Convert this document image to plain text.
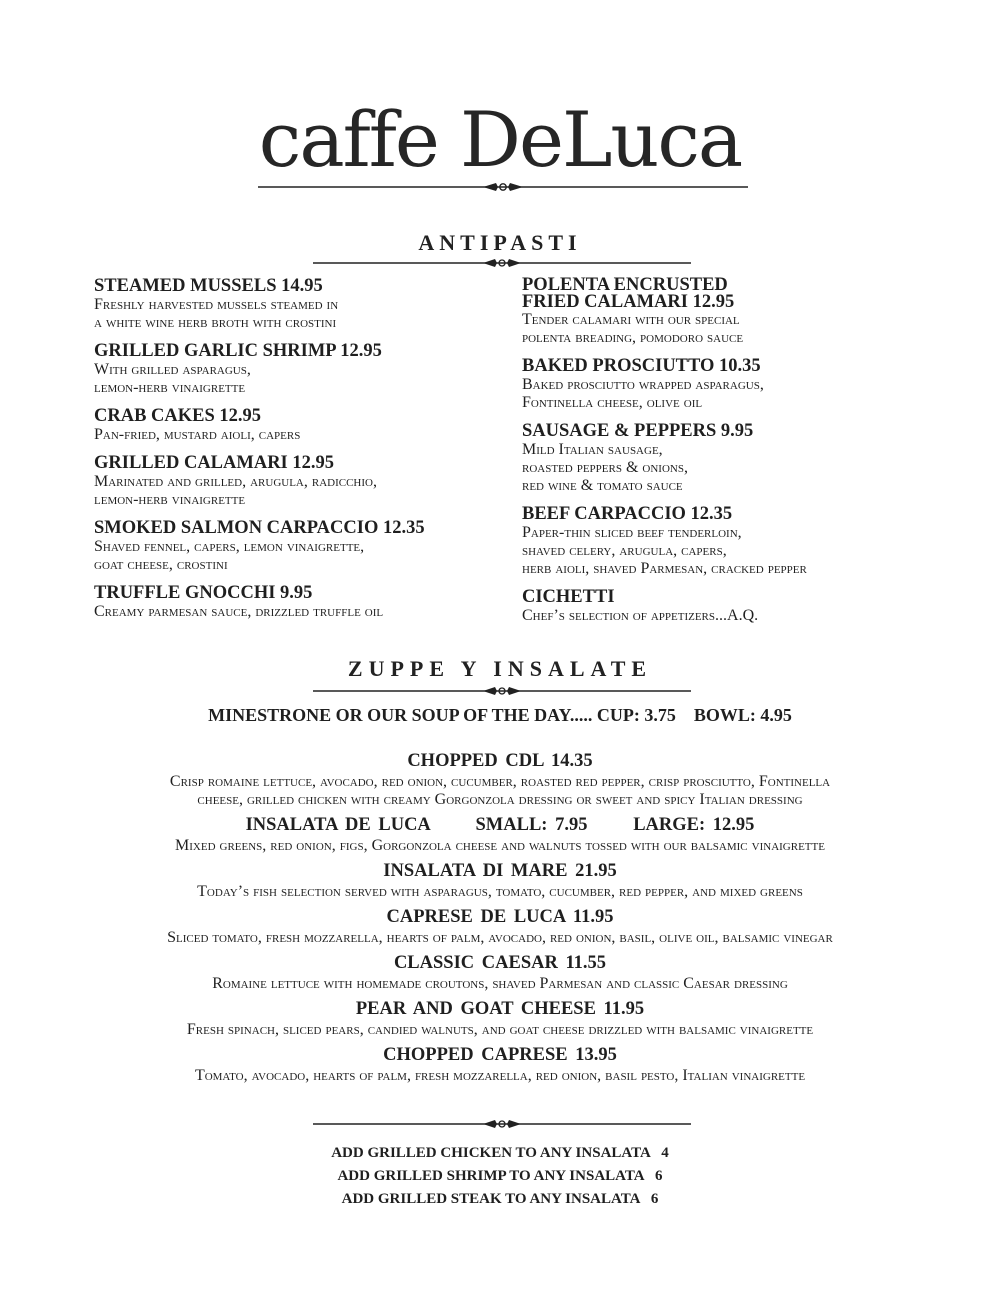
caffe DeLuca
ANTIPASTI
STEAMED MUSSELS 14.95
Freshly harvested mussels steamed in
a white wine herb broth with crostini
GRILLED GARLIC SHRIMP 12.95
With grilled asparagus,
lemon-herb vinaigrette
CRAB CAKES 12.95
Pan-fried, mustard aioli, capers
GRILLED CALAMARI 12.95
Marinated and grilled, arugula, radicchio,
lemon-herb vinaigrette
SMOKED SALMON CARPACCIO 12.35
Shaved fennel, capers, lemon vinaigrette,
goat cheese, crostini
TRUFFLE GNOCCHI 9.95
Creamy parmesan sauce, drizzled truffle oil
POLENTA ENCRUSTED
FRIED CALAMARI 12.95
Tender calamari with our special
polenta breading, pomodoro sauce
BAKED PROSCIUTTO 10.35
Baked prosciutto wrapped asparagus,
Fontinella cheese, olive oil
SAUSAGE & PEPPERS 9.95
Mild Italian sausage,
roasted peppers & onions,
red wine & tomato sauce
BEEF CARPACCIO 12.35
Paper-thin sliced beef tenderloin,
shaved celery, arugula, capers,
herb aioli, shaved Parmesan, cracked pepper
CICHETTI
Chef’s selection of appetizers...A.Q.
ZUPPE Y INSALATE
MINESTRONE OR OUR SOUP OF THE DAY..... CUP: 3.75    BOWL: 4.95
CHOPPED CDL 14.35
Crisp romaine lettuce, avocado, red onion, cucumber, roasted red pepper, crisp prosciutto, Fontinella
cheese, grilled chicken with creamy Gorgonzola dressing or sweet and spicy Italian dressing
INSALATA DE LUCA      SMALL: 7.95      LARGE: 12.95
Mixed greens, red onion, figs, Gorgonzola cheese and walnuts tossed with our balsamic vinaigrette
INSALATA DI MARE 21.95
Today’s fish selection served with asparagus, tomato, cucumber, red pepper, and mixed greens
CAPRESE DE LUCA 11.95
Sliced tomato, fresh mozzarella, hearts of palm, avocado, red onion, basil, olive oil, balsamic vinegar
CLASSIC CAESAR 11.55
Romaine lettuce with homemade croutons, shaved Parmesan and classic Caesar dressing
PEAR AND GOAT CHEESE 11.95
Fresh spinach, sliced pears, candied walnuts, and goat cheese drizzled with balsamic vinaigrette
CHOPPED CAPRESE 13.95
Tomato, avocado, hearts of palm, fresh mozzarella, red onion, basil pesto, Italian vinaigrette
ADD GRILLED CHICKEN TO ANY INSALATA   4
ADD GRILLED SHRIMP TO ANY INSALATA   6
ADD GRILLED STEAK TO ANY INSALATA   6
